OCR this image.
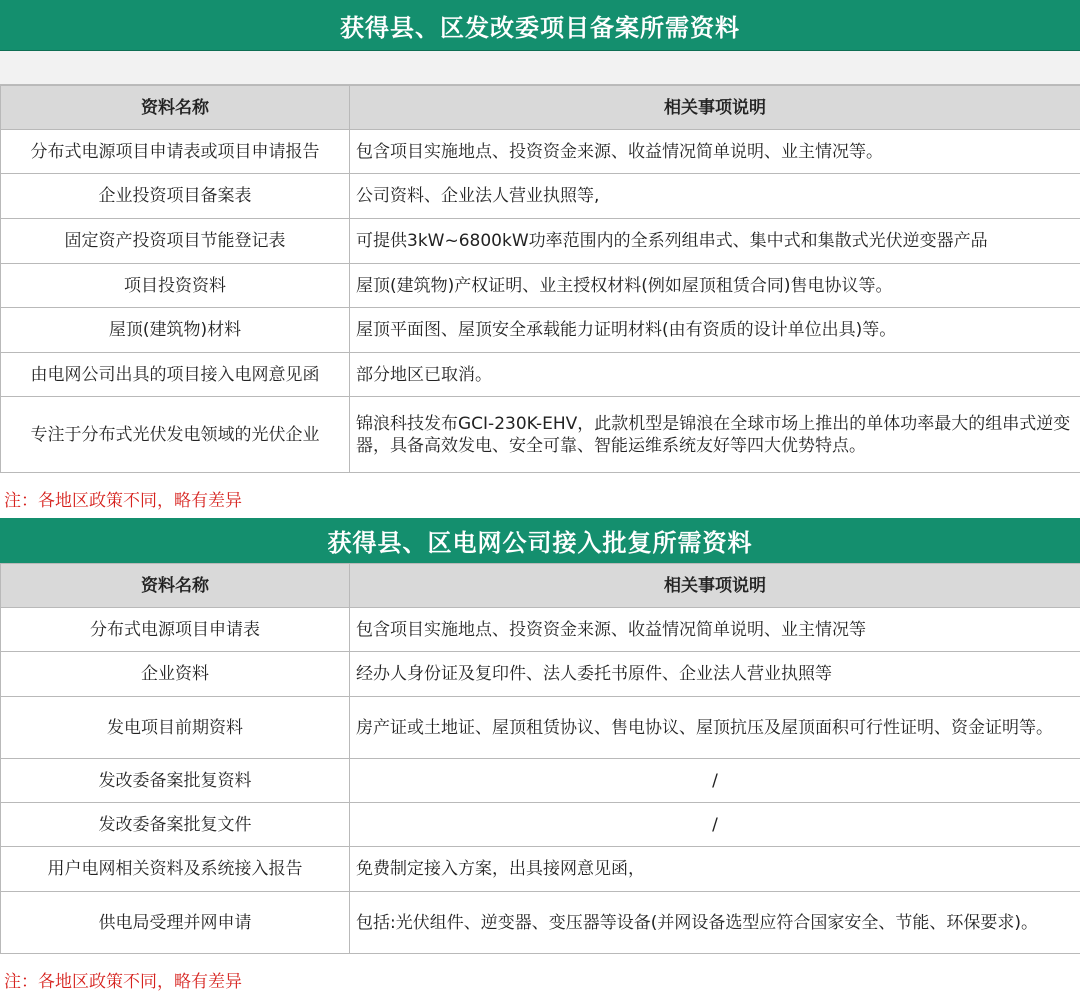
获得县、区发改委项目备案所需资料
资料名称	相关事项说明
分布式电源项目申请表或项目申请报告	包含项目实施地点、投资资金来源、收益情况简单说明、业主情况等。
企业投资项目备案表	公司资料、企业法人营业执照等,
固定资产投资项目节能登记表	可提供3kW~6800kW功率范围内的全系列组串式、集中式和集散式光伏逆变器产品
项目投资资料	屋顶(建筑物)产权证明、业主授权材料(例如屋顶租赁合同)售电协议等。
屋顶(建筑物)材料	屋顶平面图、屋顶安全承载能力证明材料(由有资质的设计单位出具)等。
由电网公司出具的项目接入电网意见函	部分地区已取消。
专注于分布式光伏发电领域的光伏企业	锦浪科技发布GCI-230K-EHV，此款机型是锦浪在全球市场上推出的单体功率最大的组串式逆变器，具备高效发电、安全可靠、智能运维系统友好等四大优势特点。
注：各地区政策不同，略有差异
获得县、区电网公司接入批复所需资料
资料名称	相关事项说明
分布式电源项目申请表	包含项目实施地点、投资资金来源、收益情况简单说明、业主情况等
企业资料	经办人身份证及复印件、法人委托书原件、企业法人营业执照等
发电项目前期资料	房产证或土地证、屋顶租赁协议、售电协议、屋顶抗压及屋顶面积可行性证明、资金证明等。
发改委备案批复资料	/
发改委备案批复文件	/
用户电网相关资料及系统接入报告	免费制定接入方案，出具接网意见函，
供电局受理并网申请	包括:光伏组件、逆变器、变压器等设备(并网设备选型应符合国家安全、节能、环保要求)。
注：各地区政策不同，略有差异
